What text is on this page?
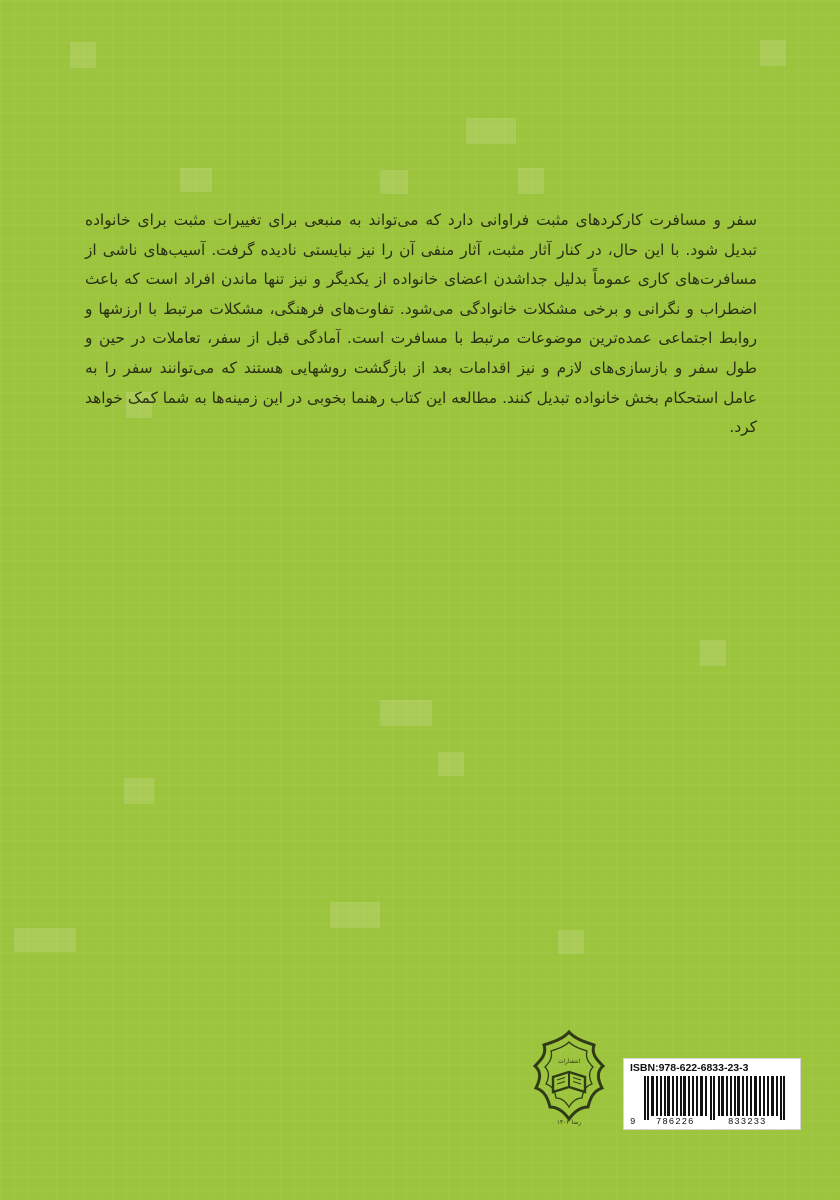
سفر و مسافرت کارکردهای مثبت فراوانی دارد که می‌تواند به منبعی برای تغییرات مثبت برای خانواده تبدیل شود. با این حال، در کنار آثار مثبت، آثار منفی آن را نیز نبایستی نادیده گرفت. آسیب‌های ناشی از مسافرت‌های کاری عموماً بدلیل جداشدن اعضای خانواده از یکدیگر و نیز تنها ماندن افراد است که باعث اضطراب و نگرانی و برخی مشکلات خانوادگی می‌شود. تفاوت‌های فرهنگی، مشکلات مرتبط با ارزشها و روابط اجتماعی عمده‌ترین موضوعات مرتبط با مسافرت است. آمادگی قبل از سفر، تعاملات در حین و طول سفر و بازسازی‌های لازم و نیز اقدامات بعد از بازگشت روشهایی هستند که می‌توانند سفر را به عامل استحکام بخش خانواده تبدیل کنند. مطالعه این کتاب رهنما بخوبی در این زمینه‌ها به شما کمک خواهد کرد.

انتشارات
رضا ۱۴۰۲
ISBN:978-622-6833-23-3
9 786226	833233
